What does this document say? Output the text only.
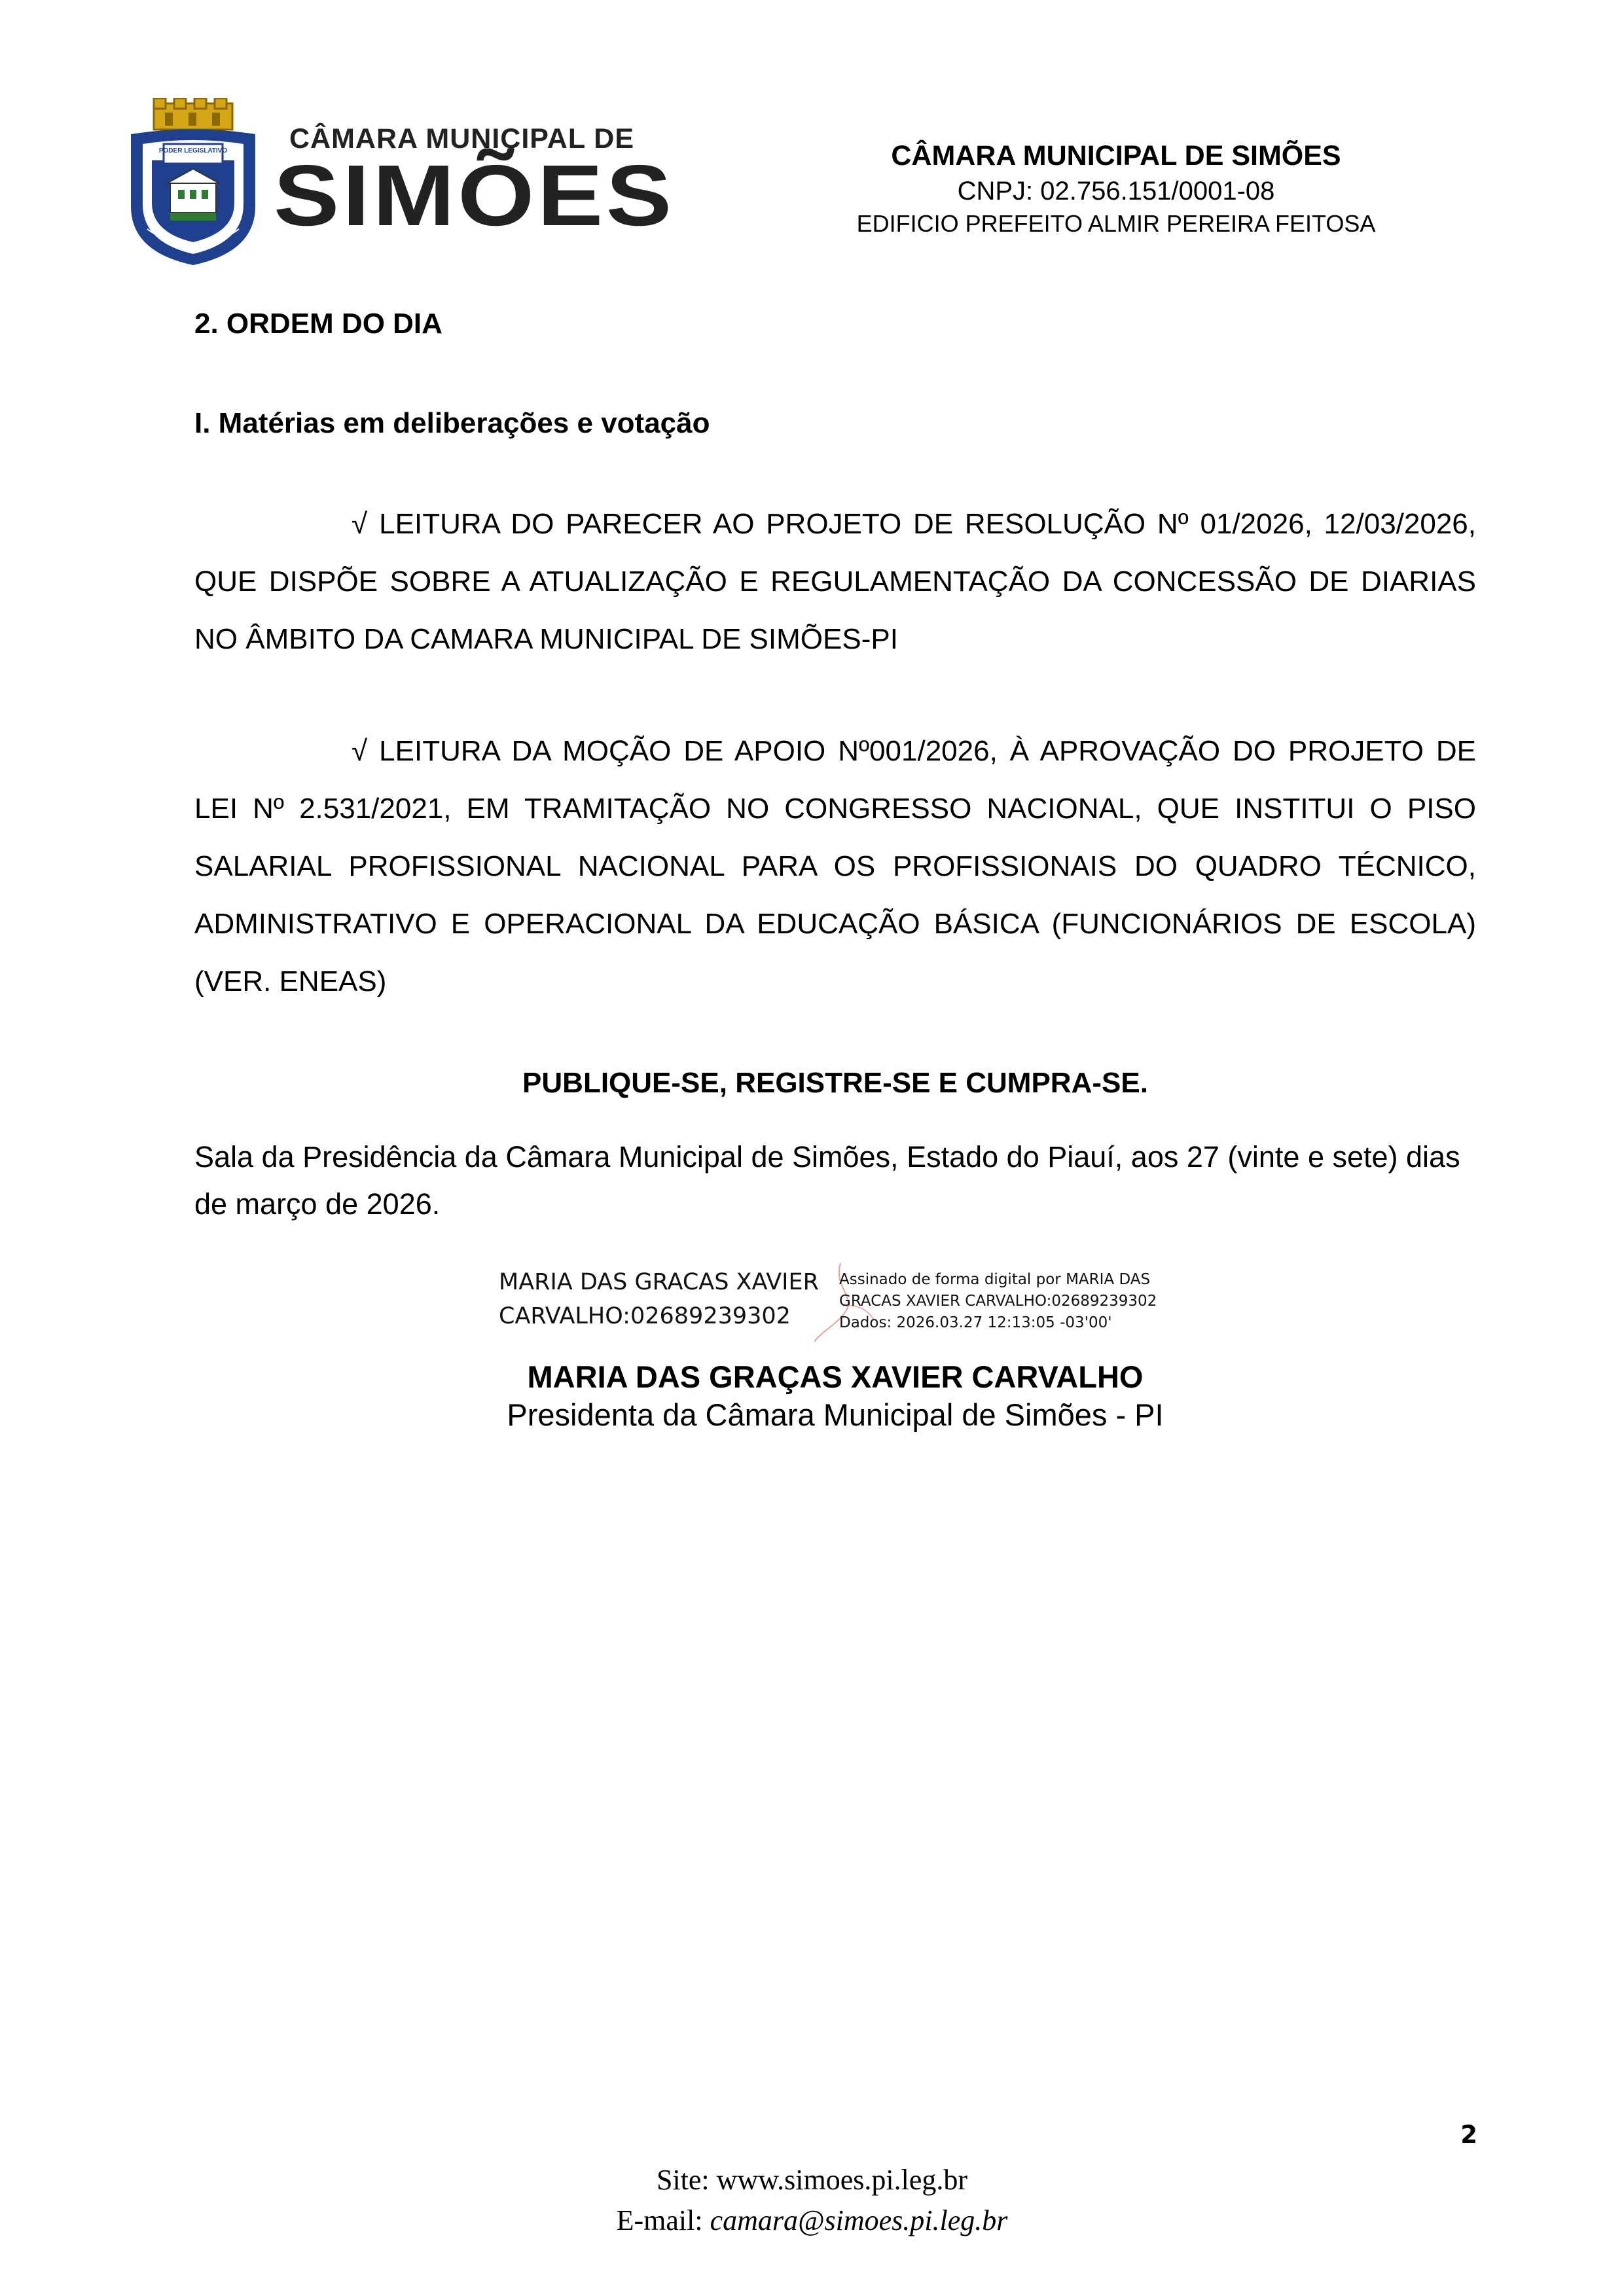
PODER LEGISLATIVO CÂMARA MUNICIPAL DE
SIMÕES	CÂMARA MUNICIPAL DE SIMÕES
CNPJ: 02.756.151/0001-08
EDIFICIO PREFEITO ALMIR PEREIRA FEITOSA
2. ORDEM DO DIA
I. Matérias em deliberações e votação
√ LEITURA DO PARECER AO PROJETO DE RESOLUÇÃO Nº 01/2026, 12/03/2026, QUE DISPÕE SOBRE A ATUALIZAÇÃO E REGULAMENTAÇÃO DA CONCESSÃO DE DIARIAS NO ÂMBITO DA CAMARA MUNICIPAL DE SIMÕES-PI
√ LEITURA DA MOÇÃO DE APOIO Nº001/2026, À APROVAÇÃO DO PROJETO DE LEI Nº 2.531/2021, EM TRAMITAÇÃO NO CONGRESSO NACIONAL, QUE INSTITUI O PISO SALARIAL PROFISSIONAL NACIONAL PARA OS PROFISSIONAIS DO QUADRO TÉCNICO, ADMINISTRATIVO E OPERACIONAL DA EDUCAÇÃO BÁSICA (FUNCIONÁRIOS DE ESCOLA) (VER. ENEAS)
PUBLIQUE-SE, REGISTRE-SE E CUMPRA-SE.
Sala da Presidência da Câmara Municipal de Simões, Estado do Piauí, aos 27 (vinte e sete) dias de março de 2026.
MARIA DAS GRACAS XAVIER
CARVALHO:02689239302
Assinado de forma digital por MARIA DAS
GRACAS XAVIER CARVALHO:02689239302
Dados: 2026.03.27 12:13:05 -03'00'
MARIA DAS GRAÇAS XAVIER CARVALHO
Presidenta da Câmara Municipal de Simões - PI
2
Site: www.simoes.pi.leg.br
E-mail: camara@simoes.pi.leg.br
